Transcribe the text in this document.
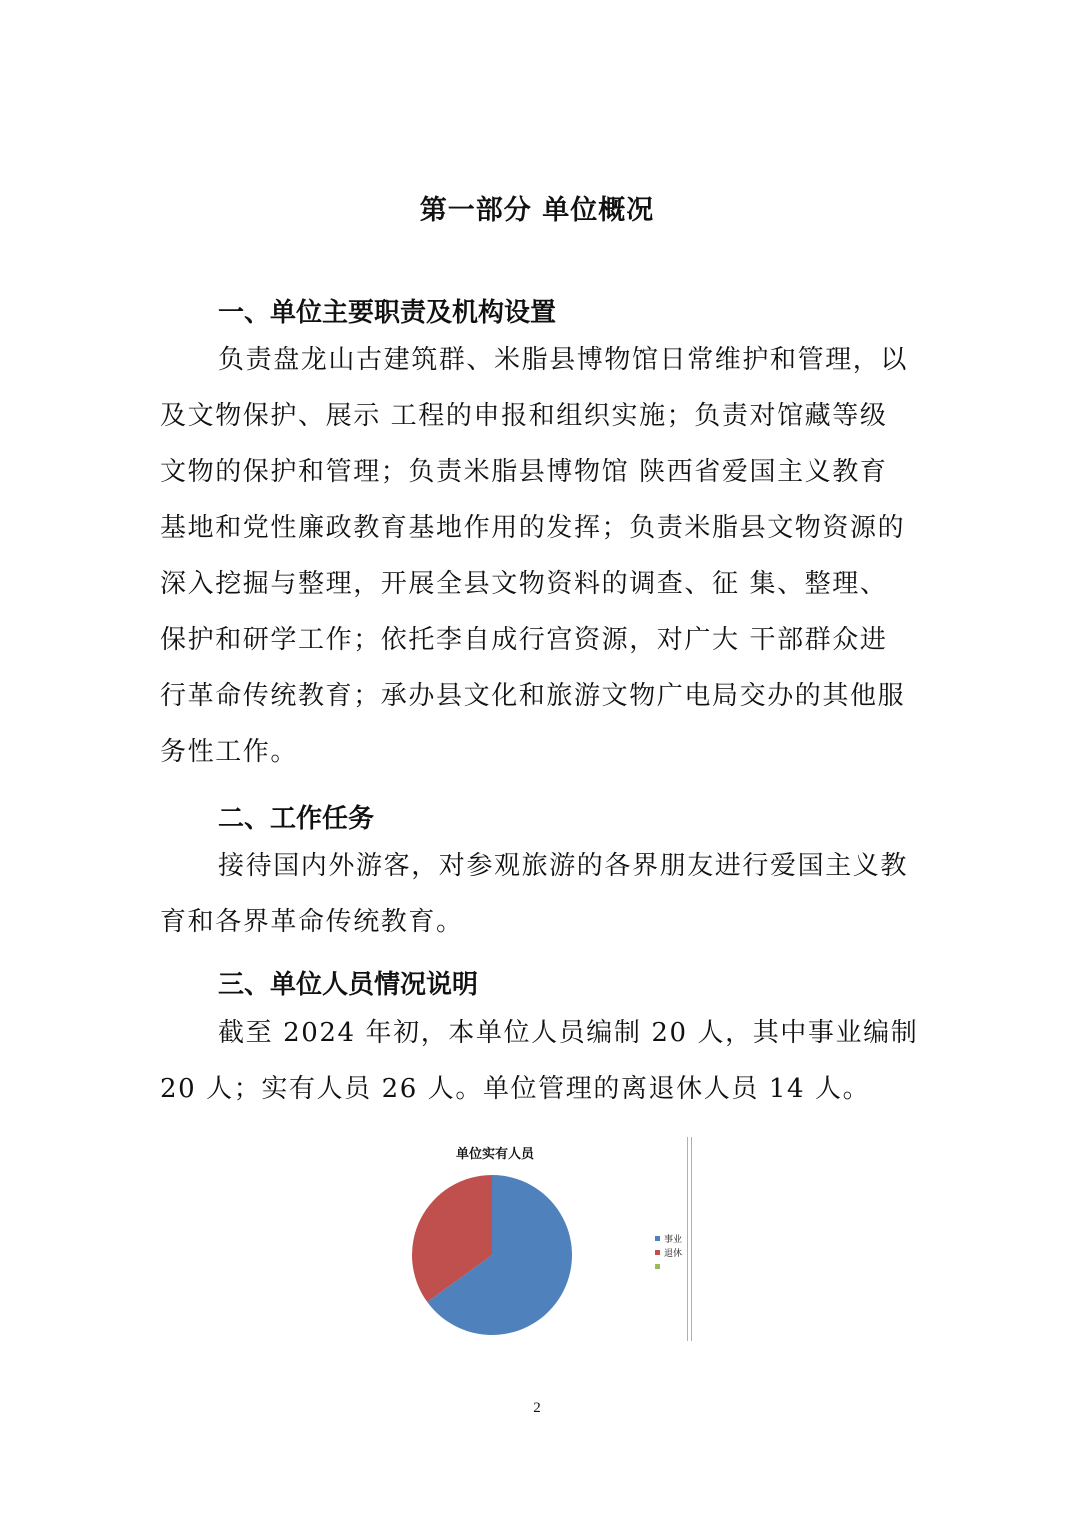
第一部分 单位概况
一、单位主要职责及机构设置
负责盘龙山古建筑群、米脂县博物馆日常维护和管理，以
及文物保护、展示 工程的申报和组织实施；负责对馆藏等级
文物的保护和管理；负责米脂县博物馆 陕西省爱国主义教育
基地和党性廉政教育基地作用的发挥；负责米脂县文物资源的
深入挖掘与整理，开展全县文物资料的调查、征 集、整理、
保护和研学工作；依托李自成行宫资源，对广大 干部群众进
行革命传统教育；承办县文化和旅游文物广电局交办的其他服
务性工作。
二、工作任务
接待国内外游客，对参观旅游的各界朋友进行爱国主义教
育和各界革命传统教育。
三、单位人员情况说明
截至 2024 年初，本单位人员编制 20 人，其中事业编制
20 人；实有人员 26 人。单位管理的离退休人员 14 人。
单位实有人员
事业
退休
2
